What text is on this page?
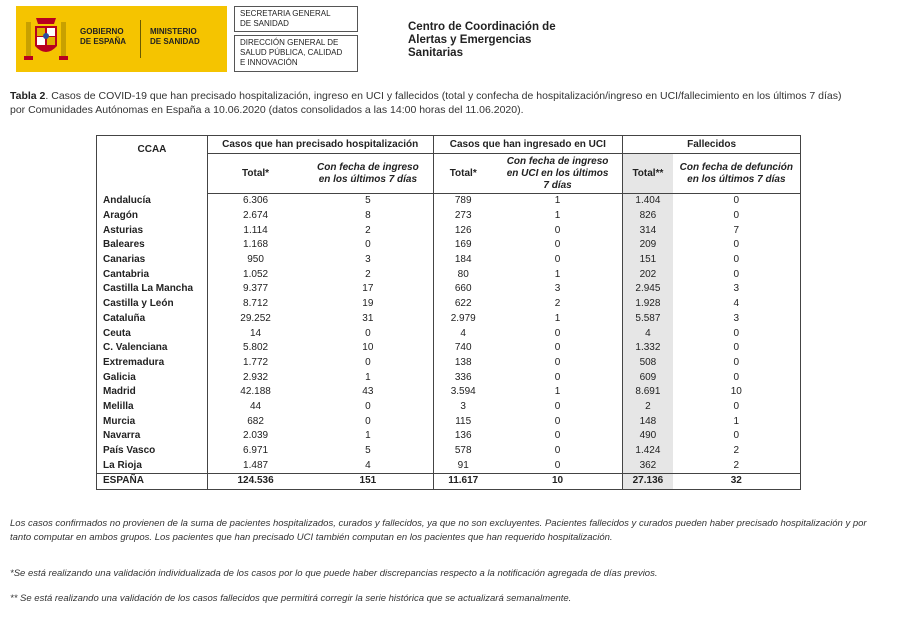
GOBIERNO
DE ESPAÑA
MINISTERIO
DE SANIDAD
SECRETARIA GENERAL
DE SANIDAD
DIRECCIÓN GENERAL DE
SALUD PÚBLICA, CALIDAD
E INNOVACIÓN
Centro de Coordinación de
Alertas y Emergencias
Sanitarias
Tabla 2. Casos de COVID-19 que han precisado hospitalización, ingreso en UCI y fallecidos (total y confecha de hospitalización/ingreso en UCI/fallecimiento en los últimos 7 días)
por Comunidades Autónomas en España a 10.06.2020 (datos consolidados a las 14:00 horas del 11.06.2020).
CCAA	Casos que han precisado hospitalización		Casos que han ingresado en UCI		Fallecidos	
	Total*	Con fecha de ingreso
en los últimos 7 días	Total*	Con fecha de ingreso
en UCI en los últimos
7 días	Total**	Con fecha de defunción
en los últimos 7 días
Andalucía	6.306	5	789	1	1.404	0
Aragón	2.674	8	273	1	826	0
Asturias	1.114	2	126	0	314	7
Baleares	1.168	0	169	0	209	0
Canarias	950	3	184	0	151	0
Cantabria	1.052	2	80	1	202	0
Castilla La Mancha	9.377	17	660	3	2.945	3
Castilla y León	8.712	19	622	2	1.928	4
Cataluña	29.252	31	2.979	1	5.587	3
Ceuta	14	0	4	0	4	0
C. Valenciana	5.802	10	740	0	1.332	0
Extremadura	1.772	0	138	0	508	0
Galicia	2.932	1	336	0	609	0
Madrid	42.188	43	3.594	1	8.691	10
Melilla	44	0	3	0	2	0
Murcia	682	0	115	0	148	1
Navarra	2.039	1	136	0	490	0
País Vasco	6.971	5	578	0	1.424	2
La Rioja	1.487	4	91	0	362	2
ESPAÑA	124.536	151	11.617	10	27.136	32
Los casos confirmados no provienen de la suma de pacientes hospitalizados, curados y fallecidos, ya que no son excluyentes. Pacientes fallecidos y curados pueden haber precisado hospitalización y por
tanto computar en ambos grupos. Los pacientes que han precisado UCI también computan en los pacientes que han requerido hospitalización.
*Se está realizando una validación individualizada de los casos por lo que puede haber discrepancias respecto a la notificación agregada de días previos.
** Se está realizando una validación de los casos fallecidos que permitirá corregir la serie histórica que se actualizará semanalmente.
